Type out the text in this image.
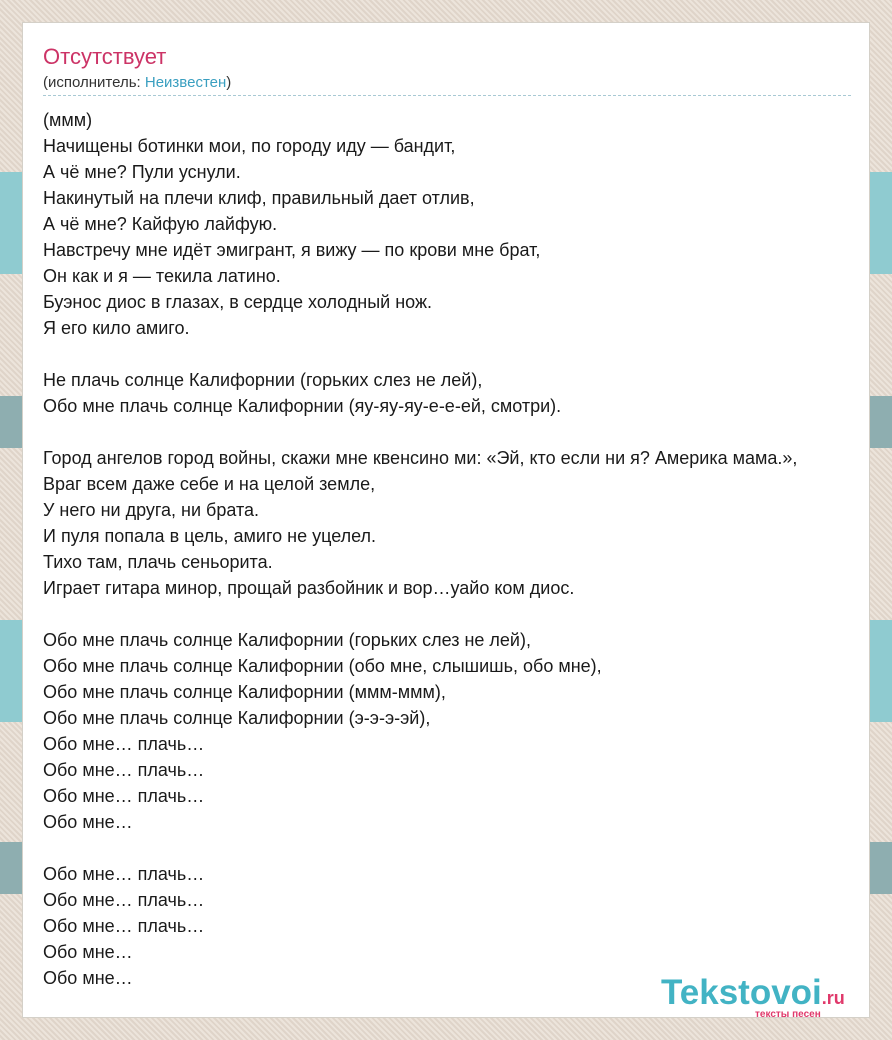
Отсутствует
(исполнитель: Неизвестен)
(ммм)
Начищены ботинки мои, по городу иду — бандит,
А чё мне? Пули уснули.
Накинутый на плечи клиф, правильный дает отлив,
А чё мне? Кайфую лайфую.
Навстречу мне идёт эмигрант, я вижу — по крови мне брат,
Он как и я — текила латино.
Буэнос диос в глазах, в сердце холодный нож.
Я его кило амиго.
Не плачь солнце Калифорнии (горьких слез не лей),
Обо мне плачь солнце Калифорнии (яу-яу-яу-е-е-ей, смотри).
Город ангелов город войны, скажи мне квенсино ми: «Эй, кто если ни я? Америка мама.»,
Враг всем даже себе и на целой земле,
У него ни друга, ни брата.
И пуля попала в цель, амиго не уцелел.
Тихо там, плачь сеньорита.
Играет гитара минор, прощай разбойник и вор…уайо ком диос.
Обо мне плачь солнце Калифорнии (горьких слез не лей),
Обо мне плачь солнце Калифорнии (обо мне, слышишь, обо мне),
Обо мне плачь солнце Калифорнии (ммм-ммм),
Обо мне плачь солнце Калифорнии (э-э-э-эй),
Обо мне… плачь…
Обо мне… плачь…
Обо мне… плачь…
Обо мне…
Обо мне… плачь…
Обо мне… плачь…
Обо мне… плачь…
Обо мне…
Обо мне…	Tekstovoi.ru
тексты песен
